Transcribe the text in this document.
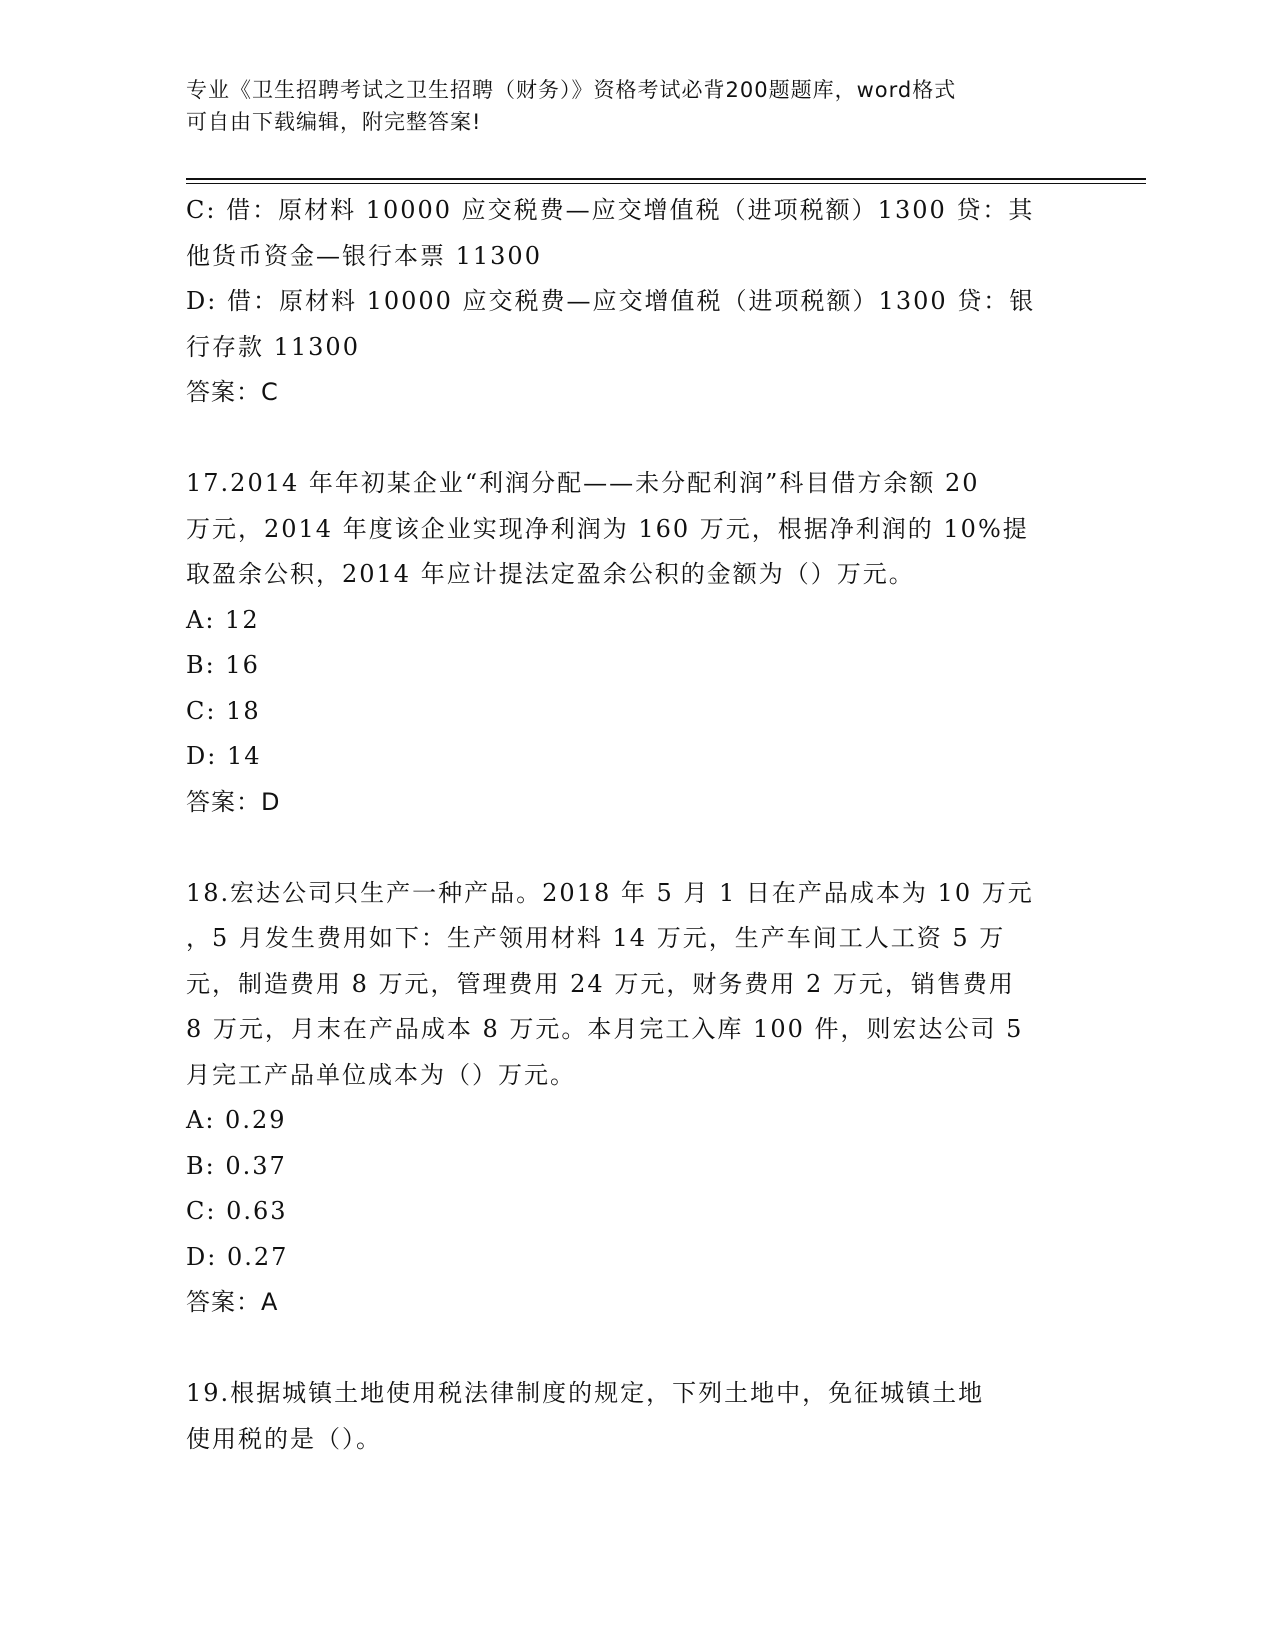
专业《卫生招聘考试之卫生招聘（财务）》资格考试必背200题题库，word格式
可自由下载编辑，附完整答案!
C: 借：原材料 10000 应交税费—应交增值税（进项税额）1300 贷：其
他货币资金—银行本票 11300
D: 借：原材料 10000 应交税费—应交增值税（进项税额）1300 贷：银
行存款 11300
答案：C
17.2014 年年初某企业“利润分配——未分配利润”科目借方余额 20
万元，2014 年度该企业实现净利润为 160 万元，根据净利润的 10%提
取盈余公积，2014 年应计提法定盈余公积的金额为（）万元。
A: 12
B: 16
C: 18
D: 14
答案：D
18.宏达公司只生产一种产品。2018 年 5 月 1 日在产品成本为 10 万元
，5 月发生费用如下：生产领用材料 14 万元，生产车间工人工资 5 万
元，制造费用 8 万元，管理费用 24 万元，财务费用 2 万元，销售费用
8 万元，月末在产品成本 8 万元。本月完工入库 100 件，则宏达公司 5
月完工产品单位成本为（）万元。
A: 0.29
B: 0.37
C: 0.63
D: 0.27
答案：A
19.根据城镇土地使用税法律制度的规定，下列土地中，免征城镇土地
使用税的是（）。
